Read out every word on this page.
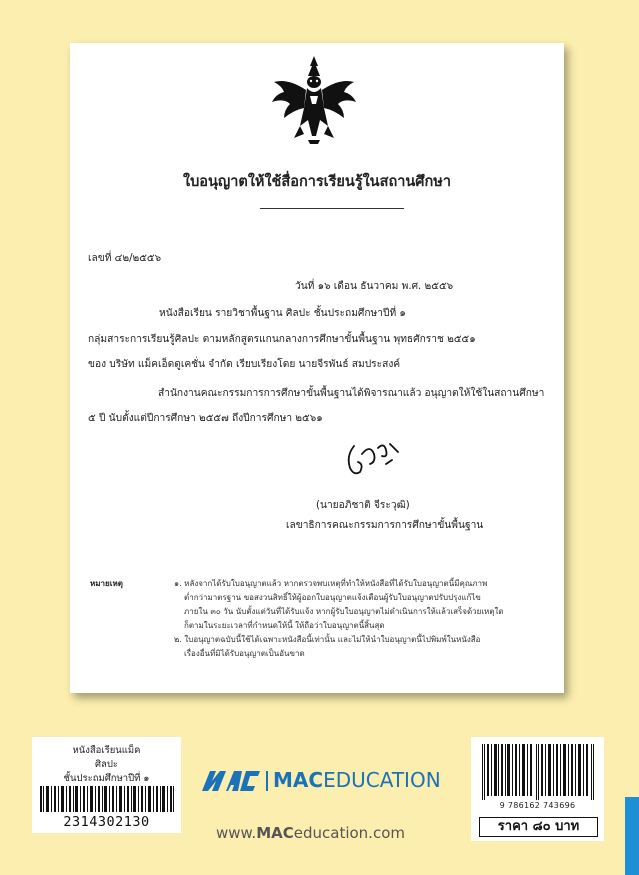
ใบอนุญาตให้ใช้สื่อการเรียนรู้ในสถานศึกษา
เลขที่ ๔๒/๒๕๕๖
วันที่ ๑๖ เดือน ธันวาคม พ.ศ. ๒๕๕๖
หนังสือเรียน รายวิชาพื้นฐาน ศิลปะ ชั้นประถมศึกษาปีที่ ๑
กลุ่มสาระการเรียนรู้ศิลปะ ตามหลักสูตรแกนกลางการศึกษาขั้นพื้นฐาน พุทธศักราช ๒๕๕๑
ของ บริษัท แม็คเอ็ดดูเคชั่น จำกัด เรียบเรียงโดย นายจีรพันธ์ สมประสงค์
สำนักงานคณะกรรมการการศึกษาขั้นพื้นฐานได้พิจารณาแล้ว อนุญาตให้ใช้ในสถานศึกษา
๕ ปี นับตั้งแต่ปีการศึกษา ๒๕๕๗ ถึงปีการศึกษา ๒๕๖๑
(นายอภิชาติ จีระวุฒิ)
เลขาธิการคณะกรรมการการศึกษาขั้นพื้นฐาน
หมายเหตุ	๑. หลังจากได้รับใบอนุญาตแล้ว หากตรวจพบเหตุที่ทำให้หนังสือที่ได้รับใบอนุญาตนี้มีคุณภาพ
ต่ำกว่ามาตรฐาน ขอสงวนสิทธิ์ให้ผู้ออกใบอนุญาตแจ้งเตือนผู้รับใบอนุญาตปรับปรุงแก้ไข
ภายใน ๓๐ วัน นับตั้งแต่วันที่ได้รับแจ้ง หากผู้รับใบอนุญาตไม่ดำเนินการให้แล้วเสร็จด้วยเหตุใด
ก็ตามในระยะเวลาที่กำหนดให้นี้ ให้ถือว่าใบอนุญาตนี้สิ้นสุด
๒. ใบอนุญาตฉบับนี้ใช้ได้เฉพาะหนังสือนี้เท่านั้น และไม่ให้นำใบอนุญาตนี้ไปพิมพ์ในหนังสือ
เรื่องอื่นที่มิได้รับอนุญาตเป็นอันขาด
หนังสือเรียนแม็ค
ศิลปะ
ชั้นประถมศึกษาปีที่ ๑
2314302130
MACEDUCATION
www.MACeducation.com
9 786162 743696
ราคา ๘๐ บาท
